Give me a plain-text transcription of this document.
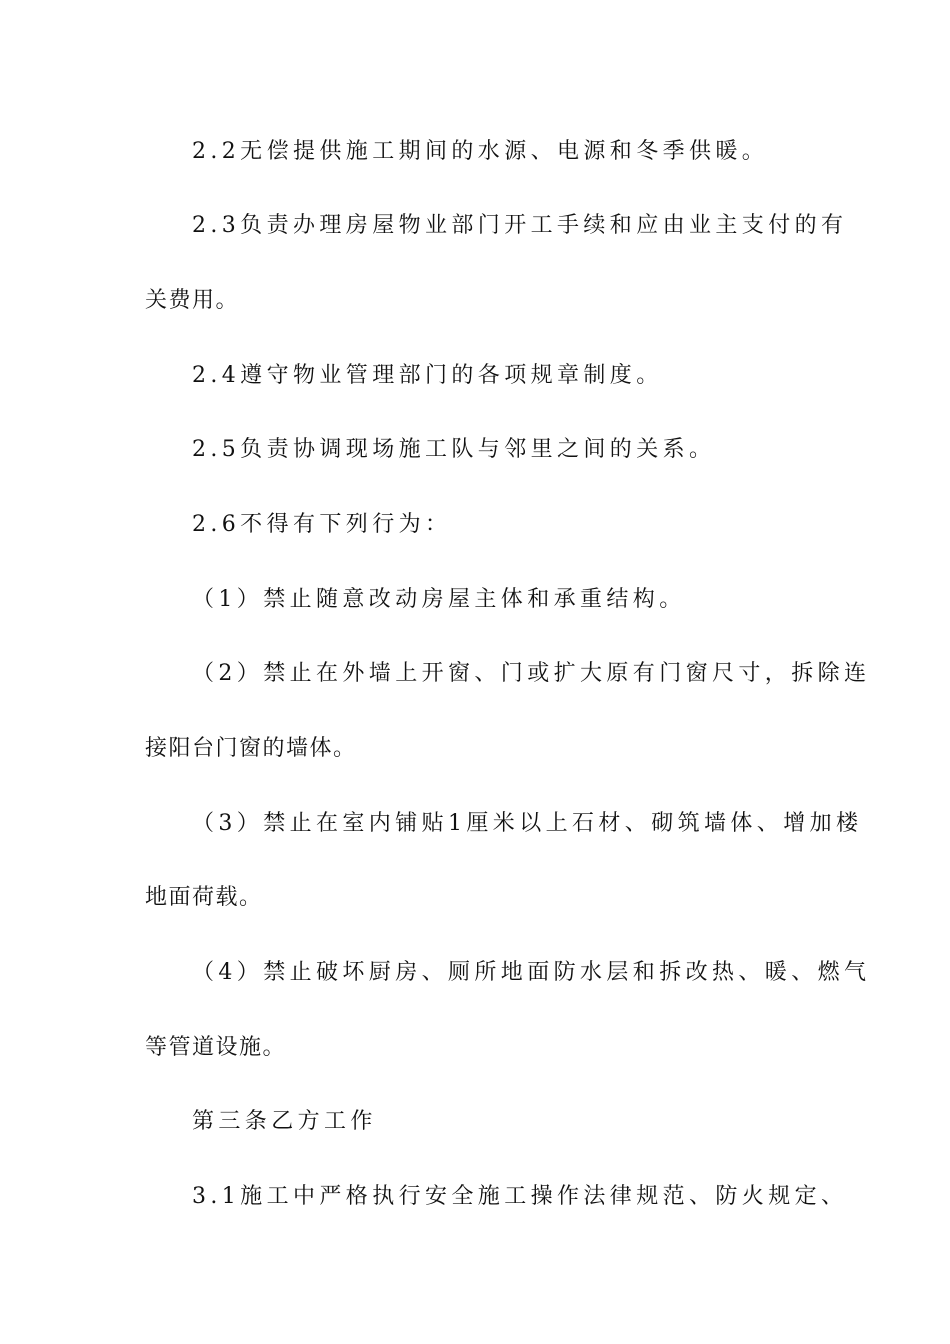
2.2无偿提供施工期间的水源、电源和冬季供暖。
2.3负责办理房屋物业部门开工手续和应由业主支付的有
关费用。
2.4遵守物业管理部门的各项规章制度。
2.5负责协调现场施工队与邻里之间的关系。
2.6不得有下列行为：
（1）禁止随意改动房屋主体和承重结构。
（2）禁止在外墙上开窗、门或扩大原有门窗尺寸，拆除连
接阳台门窗的墙体。
（3）禁止在室内铺贴1厘米以上石材、砌筑墙体、增加楼
地面荷载。
（4）禁止破坏厨房、厕所地面防水层和拆改热、暖、燃气
等管道设施。
第三条乙方工作
3.1施工中严格执行安全施工操作法律规范、防火规定、
